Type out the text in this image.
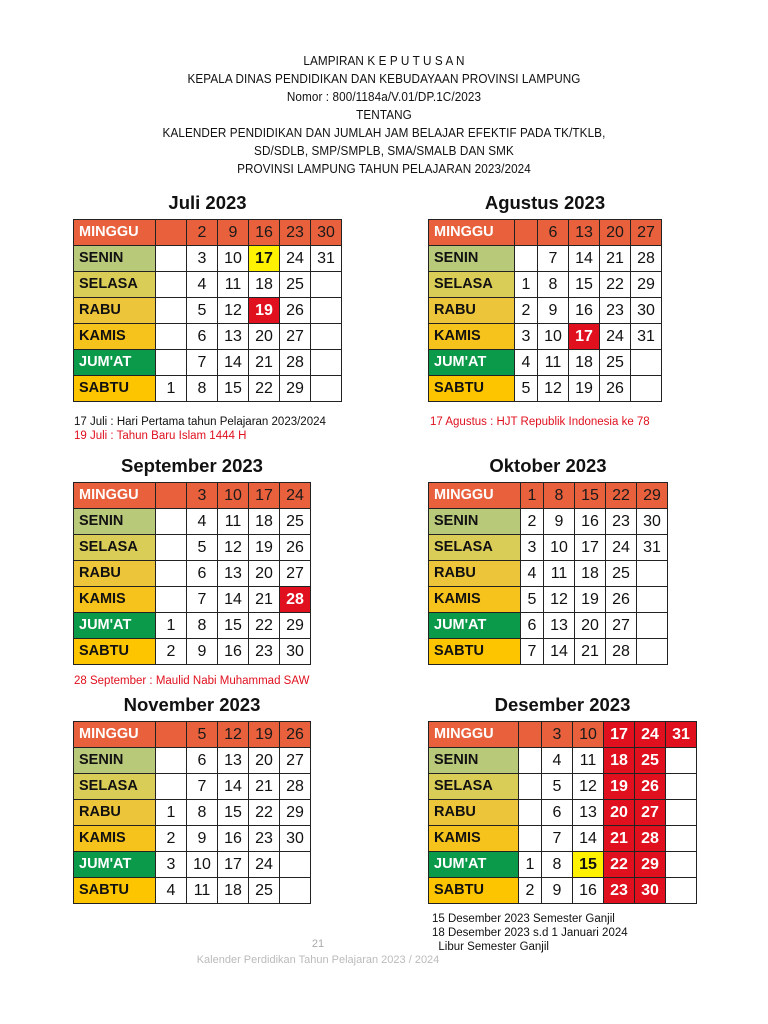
LAMPIRAN K E P U T U S A N
KEPALA DINAS PENDIDIKAN DAN KEBUDAYAAN PROVINSI LAMPUNG
Nomor : 800/1184a/V.01/DP.1C/2023
TENTANG
KALENDER PENDIDIKAN DAN JUMLAH JAM BELAJAR EFEKTIF PADA TK/TKLB,
SD/SDLB, SMP/SMPLB, SMA/SMALB DAN SMK
PROVINSI LAMPUNG TAHUN PELAJARAN 2023/2024
Juli 2023
MINGGU		2	9	16	23	30
SENIN		3	10	17	24	31
SELASA		4	11	18	25	
RABU		5	12	19	26	
KAMIS		6	13	20	27	
JUM'AT		7	14	21	28	
SABTU	1	8	15	22	29	
Agustus 2023
MINGGU		6	13	20	27
SENIN		7	14	21	28
SELASA	1	8	15	22	29
RABU	2	9	16	23	30
KAMIS	3	10	17	24	31
JUM'AT	4	11	18	25	
SABTU	5	12	19	26	
September 2023
MINGGU		3	10	17	24
SENIN		4	11	18	25
SELASA		5	12	19	26
RABU		6	13	20	27
KAMIS		7	14	21	28
JUM'AT	1	8	15	22	29
SABTU	2	9	16	23	30
Oktober 2023
MINGGU	1	8	15	22	29
SENIN	2	9	16	23	30
SELASA	3	10	17	24	31
RABU	4	11	18	25	
KAMIS	5	12	19	26	
JUM'AT	6	13	20	27	
SABTU	7	14	21	28	
November 2023
MINGGU		5	12	19	26
SENIN		6	13	20	27
SELASA		7	14	21	28
RABU	1	8	15	22	29
KAMIS	2	9	16	23	30
JUM'AT	3	10	17	24	
SABTU	4	11	18	25	
Desember 2023
MINGGU		3	10	17	24	31
SENIN		4	11	18	25	
SELASA		5	12	19	26	
RABU		6	13	20	27	
KAMIS		7	14	21	28	
JUM'AT	1	8	15	22	29	
SABTU	2	9	16	23	30	
17 Juli : Hari Pertama tahun Pelajaran 2023/2024
19 Juli : Tahun Baru Islam 1444 H
17 Agustus : HJT Republik Indonesia ke 78
28 September : Maulid Nabi Muhammad SAW
15 Desember 2023 Semester Ganjil
18 Desember 2023 s.d 1 Januari 2024
Libur Semester Ganjil
21
Kalender Perdidikan Tahun Pelajaran 2023 / 2024
